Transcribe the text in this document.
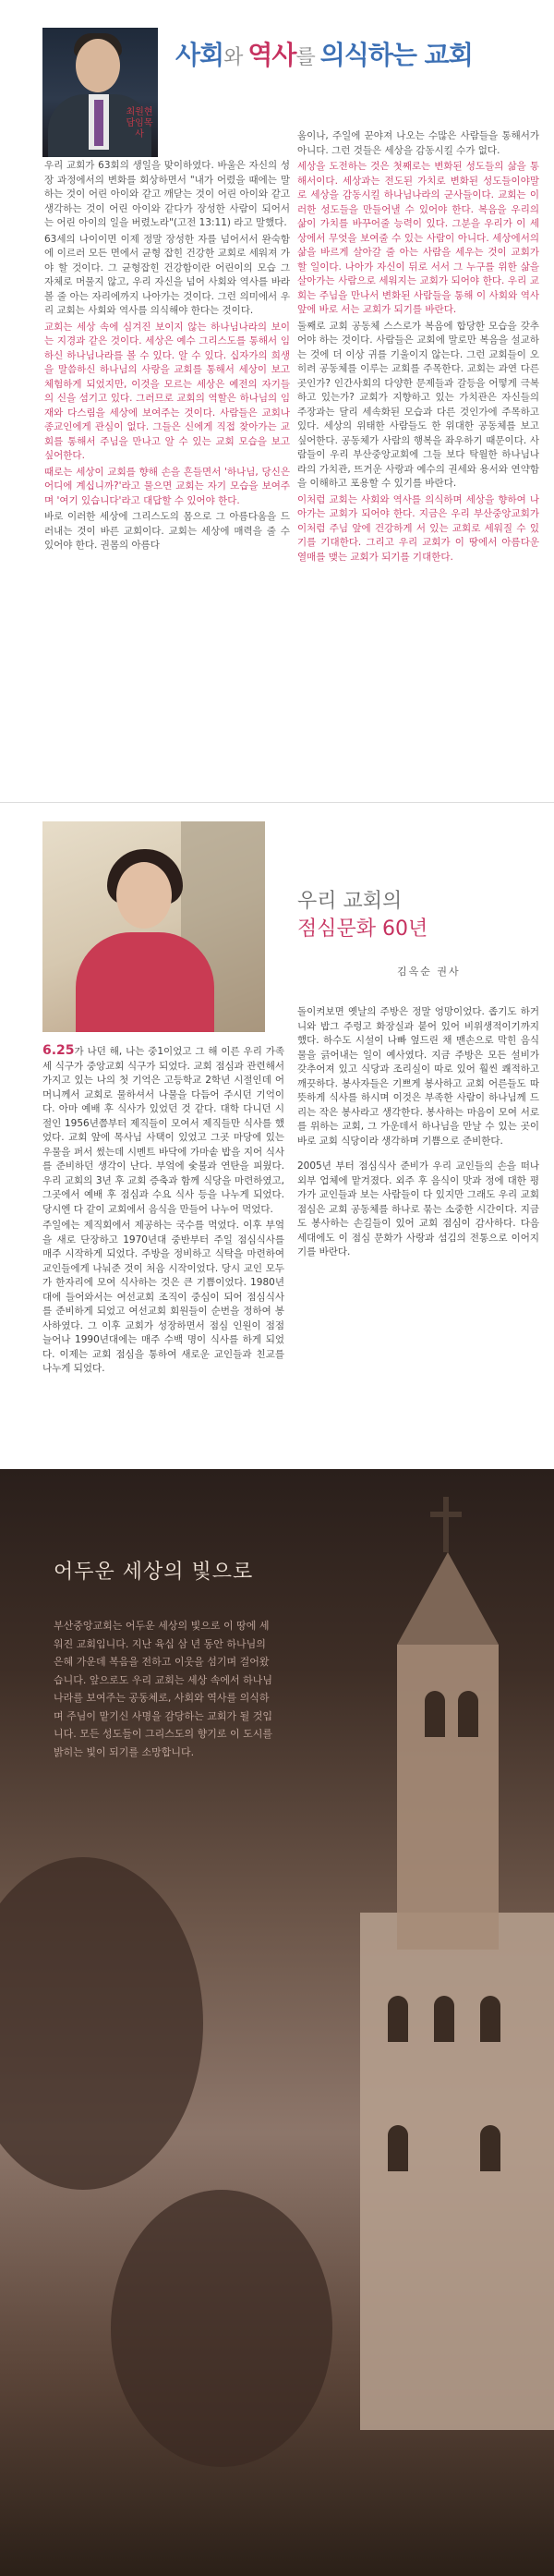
최원현 담임목사
사회와 역사를 의식하는 교회

우리 교회가 63회의 생일을 맞이하였다. 바울은 자신의 성장 과정에서의 변화를 회상하면서 "내가 어렸을 때에는 말하는 것이 어린 아이와 같고 깨닫는 것이 어린 아이와 같고 생각하는 것이 어린 아이와 같다가 장성한 사람이 되어서는 어린 아이의 일을 버렸노라"(고전 13:11) 라고 말했다.

63세의 나이이면 이제 정말 장성한 자를 넘어서서 완숙함에 이르러 모든 면에서 균형 잡힌 건강한 교회로 세워져 가야 할 것이다. 그 균형잡힌 건강함이란 어린이의 모습 그 자체로 머물지 않고, 우리 자신을 넘어 사회와 역사를 바라볼 줄 아는 자리에까지 나아가는 것이다. 그런 의미에서 우리 교회는 사회와 역사를 의식해야 한다는 것이다.

교회는 세상 속에 심겨진 보이지 않는 하나님나라의 보이는 지경과 같은 것이다. 세상은 예수 그리스도를 통해서 임하신 하나님나라를 볼 수 있다. 알 수 있다. 십자가의 희생을 말씀하신 하나님의 사랑을 교회를 통해서 세상이 보고 체험하게 되었지만, 이것을 모르는 세상은 예전의 자기들의 신을 섬기고 있다. 그러므로 교회의 역할은 하나님의 임재와 다스림을 세상에 보여주는 것이다. 사람들은 교회나 종교인에게 관심이 없다. 그들은 신에게 직접 찾아가는 교회를 통해서 주님을 만나고 알 수 있는 교회 모습을 보고 싶어한다.

때로는 세상이 교회를 향해 손을 흔들면서 '하나님, 당신은 어디에 계십니까?'라고 물으면 교회는 자기 모습을 보여주며 '여기 있습니다'라고 대답할 수 있어야 한다.

바로 이러한 세상에 그리스도의 몸으로 그 아름다움을 드러내는 것이 바른 교회이다. 교회는 세상에 매력을 줄 수 있어야 한다. 권몸의 아름다

움이나, 주일에 꾼야져 나오는 수많은 사람들을 통해서가 아니다. 그런 것들은 세상을 감동시킬 수가 없다.

세상을 도전하는 것은 첫째로는 변화된 성도들의 삶을 통해서이다. 세상과는 전도된 가치로 변화된 성도들이야말로 세상을 감동시킬 하나님나라의 군사들이다. 교회는 이러한 성도들을 만들어낼 수 있어야 한다. 복음을 우리의 삶이 가치를 바꾸어줄 능력이 있다. 그분을 우리가 이 세상에서 무엇을 보여줄 수 있는 사람이 아니다. 세상에서의 삶을 바르게 살아갈 줄 아는 사람을 세우는 것이 교회가 할 일이다. 나아가 자신이 뒤로 서서 그 누구를 위한 삶을 살아가는 사람으로 세워지는 교회가 되어야 한다. 우리 교회는 주님을 만나서 변화된 사람들을 통해 이 사회와 역사 앞에 바로 서는 교회가 되기를 바란다.

둘째로 교회 공동체 스스로가 복음에 합당한 모습을 갖추어야 하는 것이다. 사람들은 교회에 말로만 복음을 설교하는 것에 더 이상 귀를 기울이지 않는다. 그런 교회들이 오히려 공동체를 이루는 교회를 주목한다. 교회는 과연 다른 곳인가? 인간사회의 다양한 문제들과 갈등을 어떻게 극복하고 있는가? 교회가 지향하고 있는 가치관은 자신들의 주장과는 달리 세속화된 모습과 다른 것인가에 주목하고 있다. 세상의 위태한 사람들도 한 위대한 공동체를 보고 싶어한다. 공동체가 사람의 행복을 좌우하기 때문이다. 사람들이 우리 부산중앙교회에 그들 보다 탁월한 하나님나라의 가치관, 뜨거운 사랑과 예수의 권세와 용서와 연약함을 이해하고 포용할 수 있기를 바란다.

이처럼 교회는 사회와 역사를 의식하며 세상을 향하여 나아가는 교회가 되어야 한다. 지금은 우리 부산중앙교회가 이처럼 주님 앞에 건강하게 서 있는 교회로 세워질 수 있기를 기대한다. 그리고 우리 교회가 이 땅에서 아름다운 열매를 맺는 교회가 되기를 기대한다.

우리 교회의
점심문화 60년
김옥순 권사

6.25가 나던 해, 나는 중1이었고 그 해 이른 우리 가족 세 식구가 중앙교회 식구가 되었다. 교회 점심과 관련해서 가지고 있는 나의 첫 기억은 고등학교 2학년 시절인데 어머니께서 교회로 물하셔서 나물을 다듬어 주시던 기억이다. 아마 예배 후 식사가 있었던 것 같다. 대학 다니던 시절인 1956년쯤부터 제직들이 모여서 제직들만 식사를 했었다. 교회 앞에 목사님 사택이 있었고 그곳 마당에 있는 우물을 퍼서 썼는데 시멘트 바닥에 가마솥 밥을 지어 식사를 준비하던 생각이 난다. 부엌에 숯불과 연탄을 피웠다. 우리 교회의 3년 후 교회 증축과 함께 식당을 마련하였고, 그곳에서 예배 후 점심과 수요 식사 등을 나누게 되었다. 당시엔 다 같이 교회에서 음식을 만들어 나누어 먹었다.

주일에는 제직회에서 제공하는 국수를 먹었다. 이후 부엌을 새로 단장하고 1970년대 중반부터 주일 점심식사를 매주 시작하게 되었다. 주방을 정비하고 식탁을 마련하여 교인들에게 나눠준 것이 처음 시작이었다. 당시 교인 모두가 한자리에 모여 식사하는 것은 큰 기쁨이었다. 1980년대에 들어와서는 여선교회 조직이 중심이 되어 점심식사를 준비하게 되었고 여선교회 회원들이 순번을 정하여 봉사하였다. 그 이후 교회가 성장하면서 점심 인원이 점점 늘어나 1990년대에는 매주 수백 명이 식사를 하게 되었다. 이제는 교회 점심을 통하여 새로운 교인들과 친교를 나누게 되었다.

돌이켜보면 옛날의 주방은 정말 엉망이었다. 좁기도 하거니와 밥그 주렁고 화장실과 붙어 있어 비위생적이기까지 했다. 하수도 시설이 나빠 엎드린 채 맨손으로 막힌 음식물을 긁어내는 일이 예사였다. 지금 주방은 모든 설비가 갖추어져 있고 식당과 조리실이 따로 있어 훨씬 쾌적하고 깨끗하다. 봉사자들은 기쁘게 봉사하고 교회 어른들도 따뜻하게 식사를 하시며 이것은 부족한 사람이 하나님께 드리는 작은 봉사라고 생각한다. 봉사하는 마음이 모여 서로를 위하는 교회, 그 가운데서 하나님을 만날 수 있는 곳이 바로 교회 식당이라 생각하며 기쁨으로 준비한다.

2005년 부터 점심식사 준비가 우리 교인들의 손을 떠나 외부 업체에 맡겨졌다. 외주 후 음식이 맛과 정에 대한 평가가 교인들과 보는 사람들이 다 있지만 그래도 우리 교회 점심은 교회 공동체를 하나로 묶는 소중한 시간이다. 지금도 봉사하는 손길들이 있어 교회 점심이 감사하다. 다음 세대에도 이 점심 문화가 사랑과 섬김의 전통으로 이어지기를 바란다.

어두운 세상의 빛으로
부산중앙교회는 어두운 세상의 빛으로 이 땅에 세워진 교회입니다. 지난 육십 삼 년 동안 하나님의 은혜 가운데 복음을 전하고 이웃을 섬기며 걸어왔습니다. 앞으로도 우리 교회는 세상 속에서 하나님나라를 보여주는 공동체로, 사회와 역사를 의식하며 주님이 맡기신 사명을 감당하는 교회가 될 것입니다. 모든 성도들이 그리스도의 향기로 이 도시를 밝히는 빛이 되기를 소망합니다.
